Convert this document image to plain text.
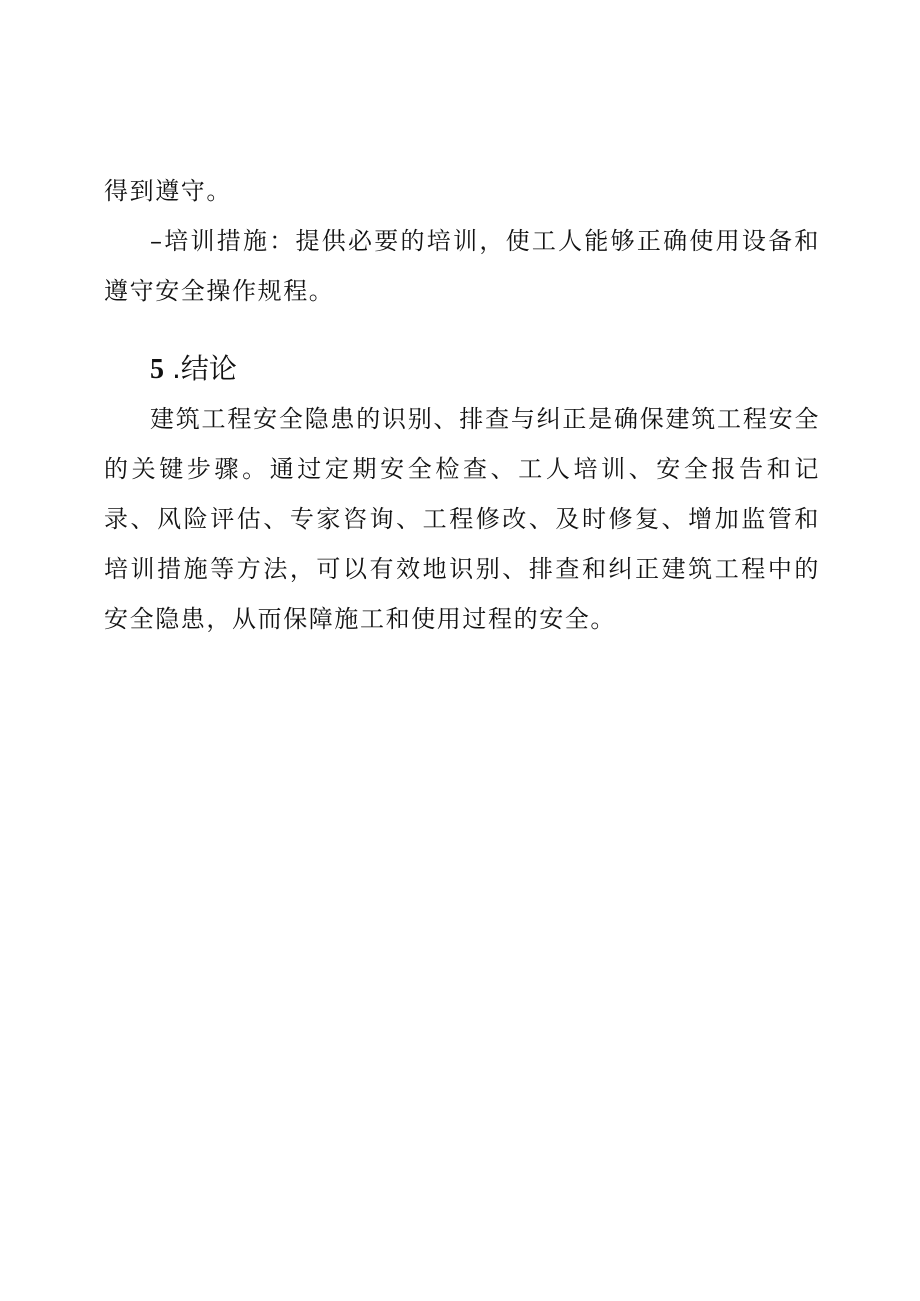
得到遵守。

–培训措施：提供必要的培训，使工人能够正确使用设备和遵守安全操作规程。

5 .结论

建筑工程安全隐患的识别、排查与纠正是确保建筑工程安全的关键步骤。通过定期安全检查、工人培训、安全报告和记录、风险评估、专家咨询、工程修改、及时修复、增加监管和培训措施等方法，可以有效地识别、排查和纠正建筑工程中的安全隐患，从而保障施工和使用过程的安全。
